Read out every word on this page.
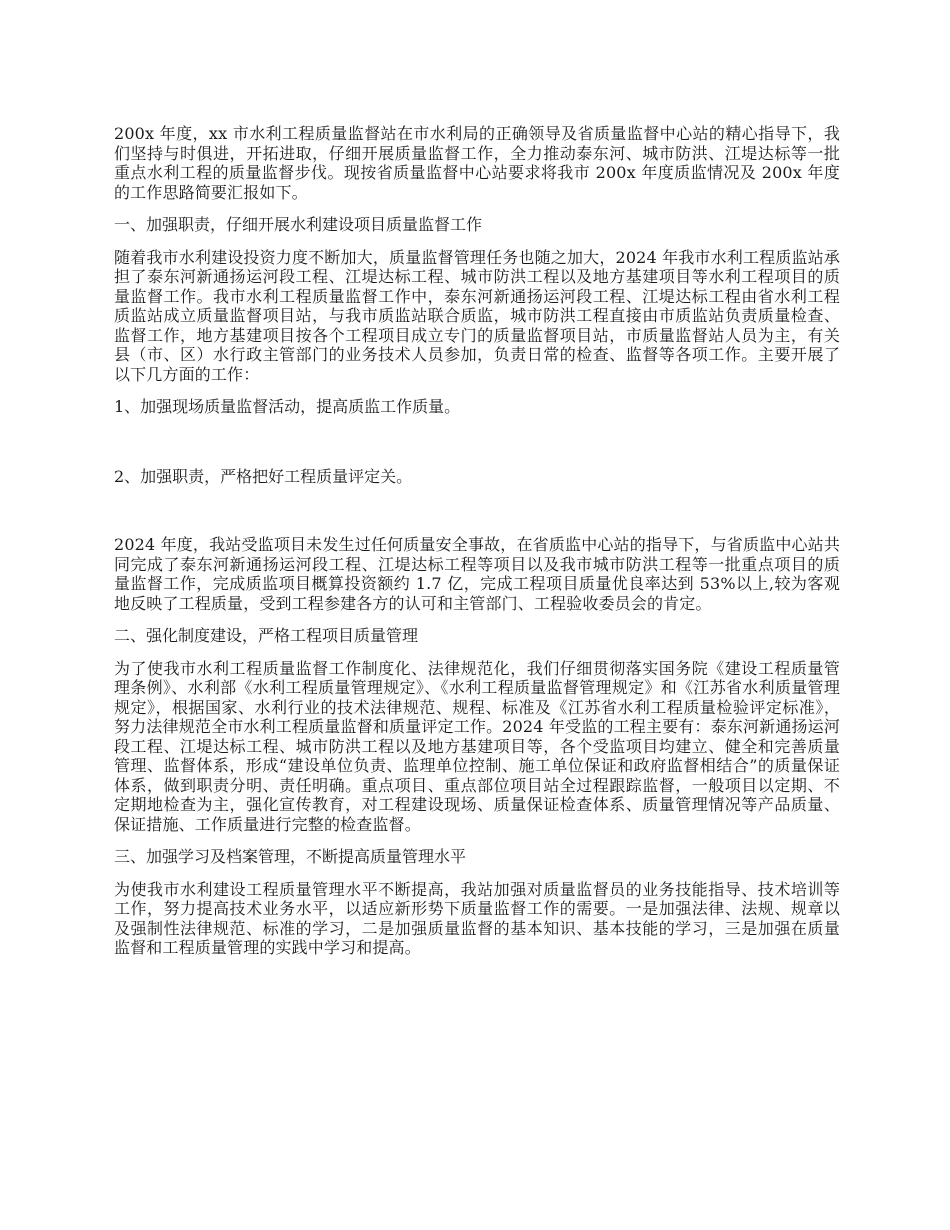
200x 年度，xx 市水利工程质量监督站在市水利局的正确领导及省质量监督中心站的精心指导下，我们坚持与时俱进，开拓进取，仔细开展质量监督工作，全力推动泰东河、城市防洪、江堤达标等一批重点水利工程的质量监督步伐。现按省质量监督中心站要求将我市 200x 年度质监情况及 200x 年度的工作思路简要汇报如下。

一、加强职责，仔细开展水利建设项目质量监督工作

随着我市水利建设投资力度不断加大，质量监督管理任务也随之加大，2024 年我市水利工程质监站承担了泰东河新通扬运河段工程、江堤达标工程、城市防洪工程以及地方基建项目等水利工程项目的质量监督工作。我市水利工程质量监督工作中，泰东河新通扬运河段工程、江堤达标工程由省水利工程质监站成立质量监督项目站，与我市质监站联合质监，城市防洪工程直接由市质监站负责质量检查、监督工作，地方基建项目按各个工程项目成立专门的质量监督项目站，市质量监督站人员为主，有关县（市、区）水行政主管部门的业务技术人员参加，负责日常的检查、监督等各项工作。主要开展了以下几方面的工作：

1、加强现场质量监督活动，提高质监工作质量。

2、加强职责，严格把好工程质量评定关。

2024 年度，我站受监项目未发生过任何质量安全事故，在省质监中心站的指导下，与省质监中心站共同完成了泰东河新通扬运河段工程、江堤达标工程等项目以及我市城市防洪工程等一批重点项目的质量监督工作，完成质监项目概算投资额约 1.7 亿，完成工程项目质量优良率达到 53%以上,较为客观地反映了工程质量，受到工程参建各方的认可和主管部门、工程验收委员会的肯定。

二、强化制度建设，严格工程项目质量管理

为了使我市水利工程质量监督工作制度化、法律规范化，我们仔细贯彻落实国务院《建设工程质量管理条例》、水利部《水利工程质量管理规定》、《水利工程质量监督管理规定》和《江苏省水利质量管理规定》，根据国家、水利行业的技术法律规范、规程、标准及《江苏省水利工程质量检验评定标准》，努力法律规范全市水利工程质量监督和质量评定工作。2024 年受监的工程主要有：泰东河新通扬运河段工程、江堤达标工程、城市防洪工程以及地方基建项目等，各个受监项目均建立、健全和完善质量管理、监督体系，形成“建设单位负责、监理单位控制、施工单位保证和政府监督相结合”的质量保证体系，做到职责分明、责任明确。重点项目、重点部位项目站全过程跟踪监督，一般项目以定期、不定期地检查为主，强化宣传教育，对工程建设现场、质量保证检查体系、质量管理情况等产品质量、保证措施、工作质量进行完整的检查监督。

三、加强学习及档案管理，不断提高质量管理水平

为使我市水利建设工程质量管理水平不断提高，我站加强对质量监督员的业务技能指导、技术培训等工作，努力提高技术业务水平，以适应新形势下质量监督工作的需要。一是加强法律、法规、规章以及强制性法律规范、标准的学习，二是加强质量监督的基本知识、基本技能的学习，三是加强在质量监督和工程质量管理的实践中学习和提高。
